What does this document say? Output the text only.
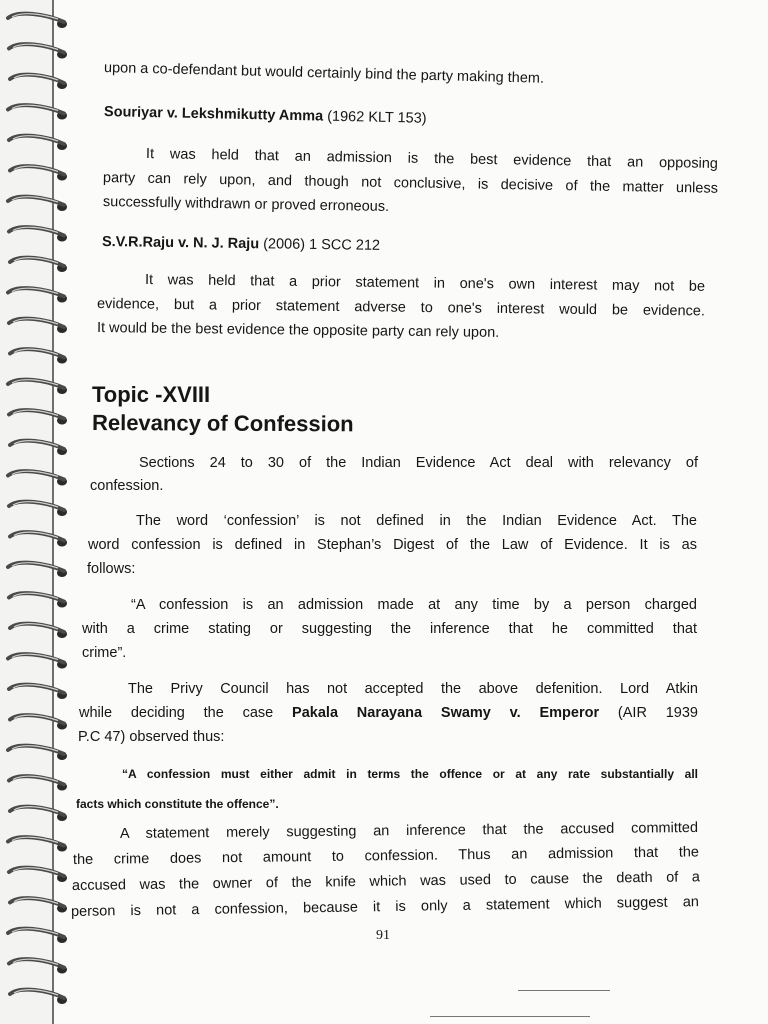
upon a co-defendant but would certainly bind the party making them.

Souriyar v. Lekshmikutty Amma (1962 KLT 153)

It was held that an admission is the best evidence that an opposing

party can rely upon, and though not conclusive, is decisive of the matter unless

successfully withdrawn or proved erroneous.

S.V.R.Raju v. N. J. Raju (2006) 1 SCC 212

It was held that a prior statement in one's own interest may not be

evidence, but a prior statement adverse to one's interest would be evidence.

It would be the best evidence the opposite party can rely upon.

Topic -XVIII
Relevancy of Confession

Sections 24 to 30 of the Indian Evidence Act deal with relevancy of

confession.

The word ‘confession’ is not defined in the Indian Evidence Act. The

word confession is defined in Stephan’s Digest of the Law of Evidence. It is as

follows:

“A confession is an admission made at any time by a person charged

with a crime stating or suggesting the inference that he committed that

crime”.

The Privy Council has not accepted the above defenition. Lord Atkin

while deciding the case Pakala Narayana Swamy v. Emperor (AIR 1939

P.C 47) observed thus:

“A confession must either admit in terms the offence or at any rate substantially all

facts which constitute the offence”.

A statement merely suggesting an inference that the accused committed

the crime does not amount to confession. Thus an admission that the

accused was the owner of the knife which was used to cause the death of a

person is not a confession, because it is only a statement which suggest an

91
